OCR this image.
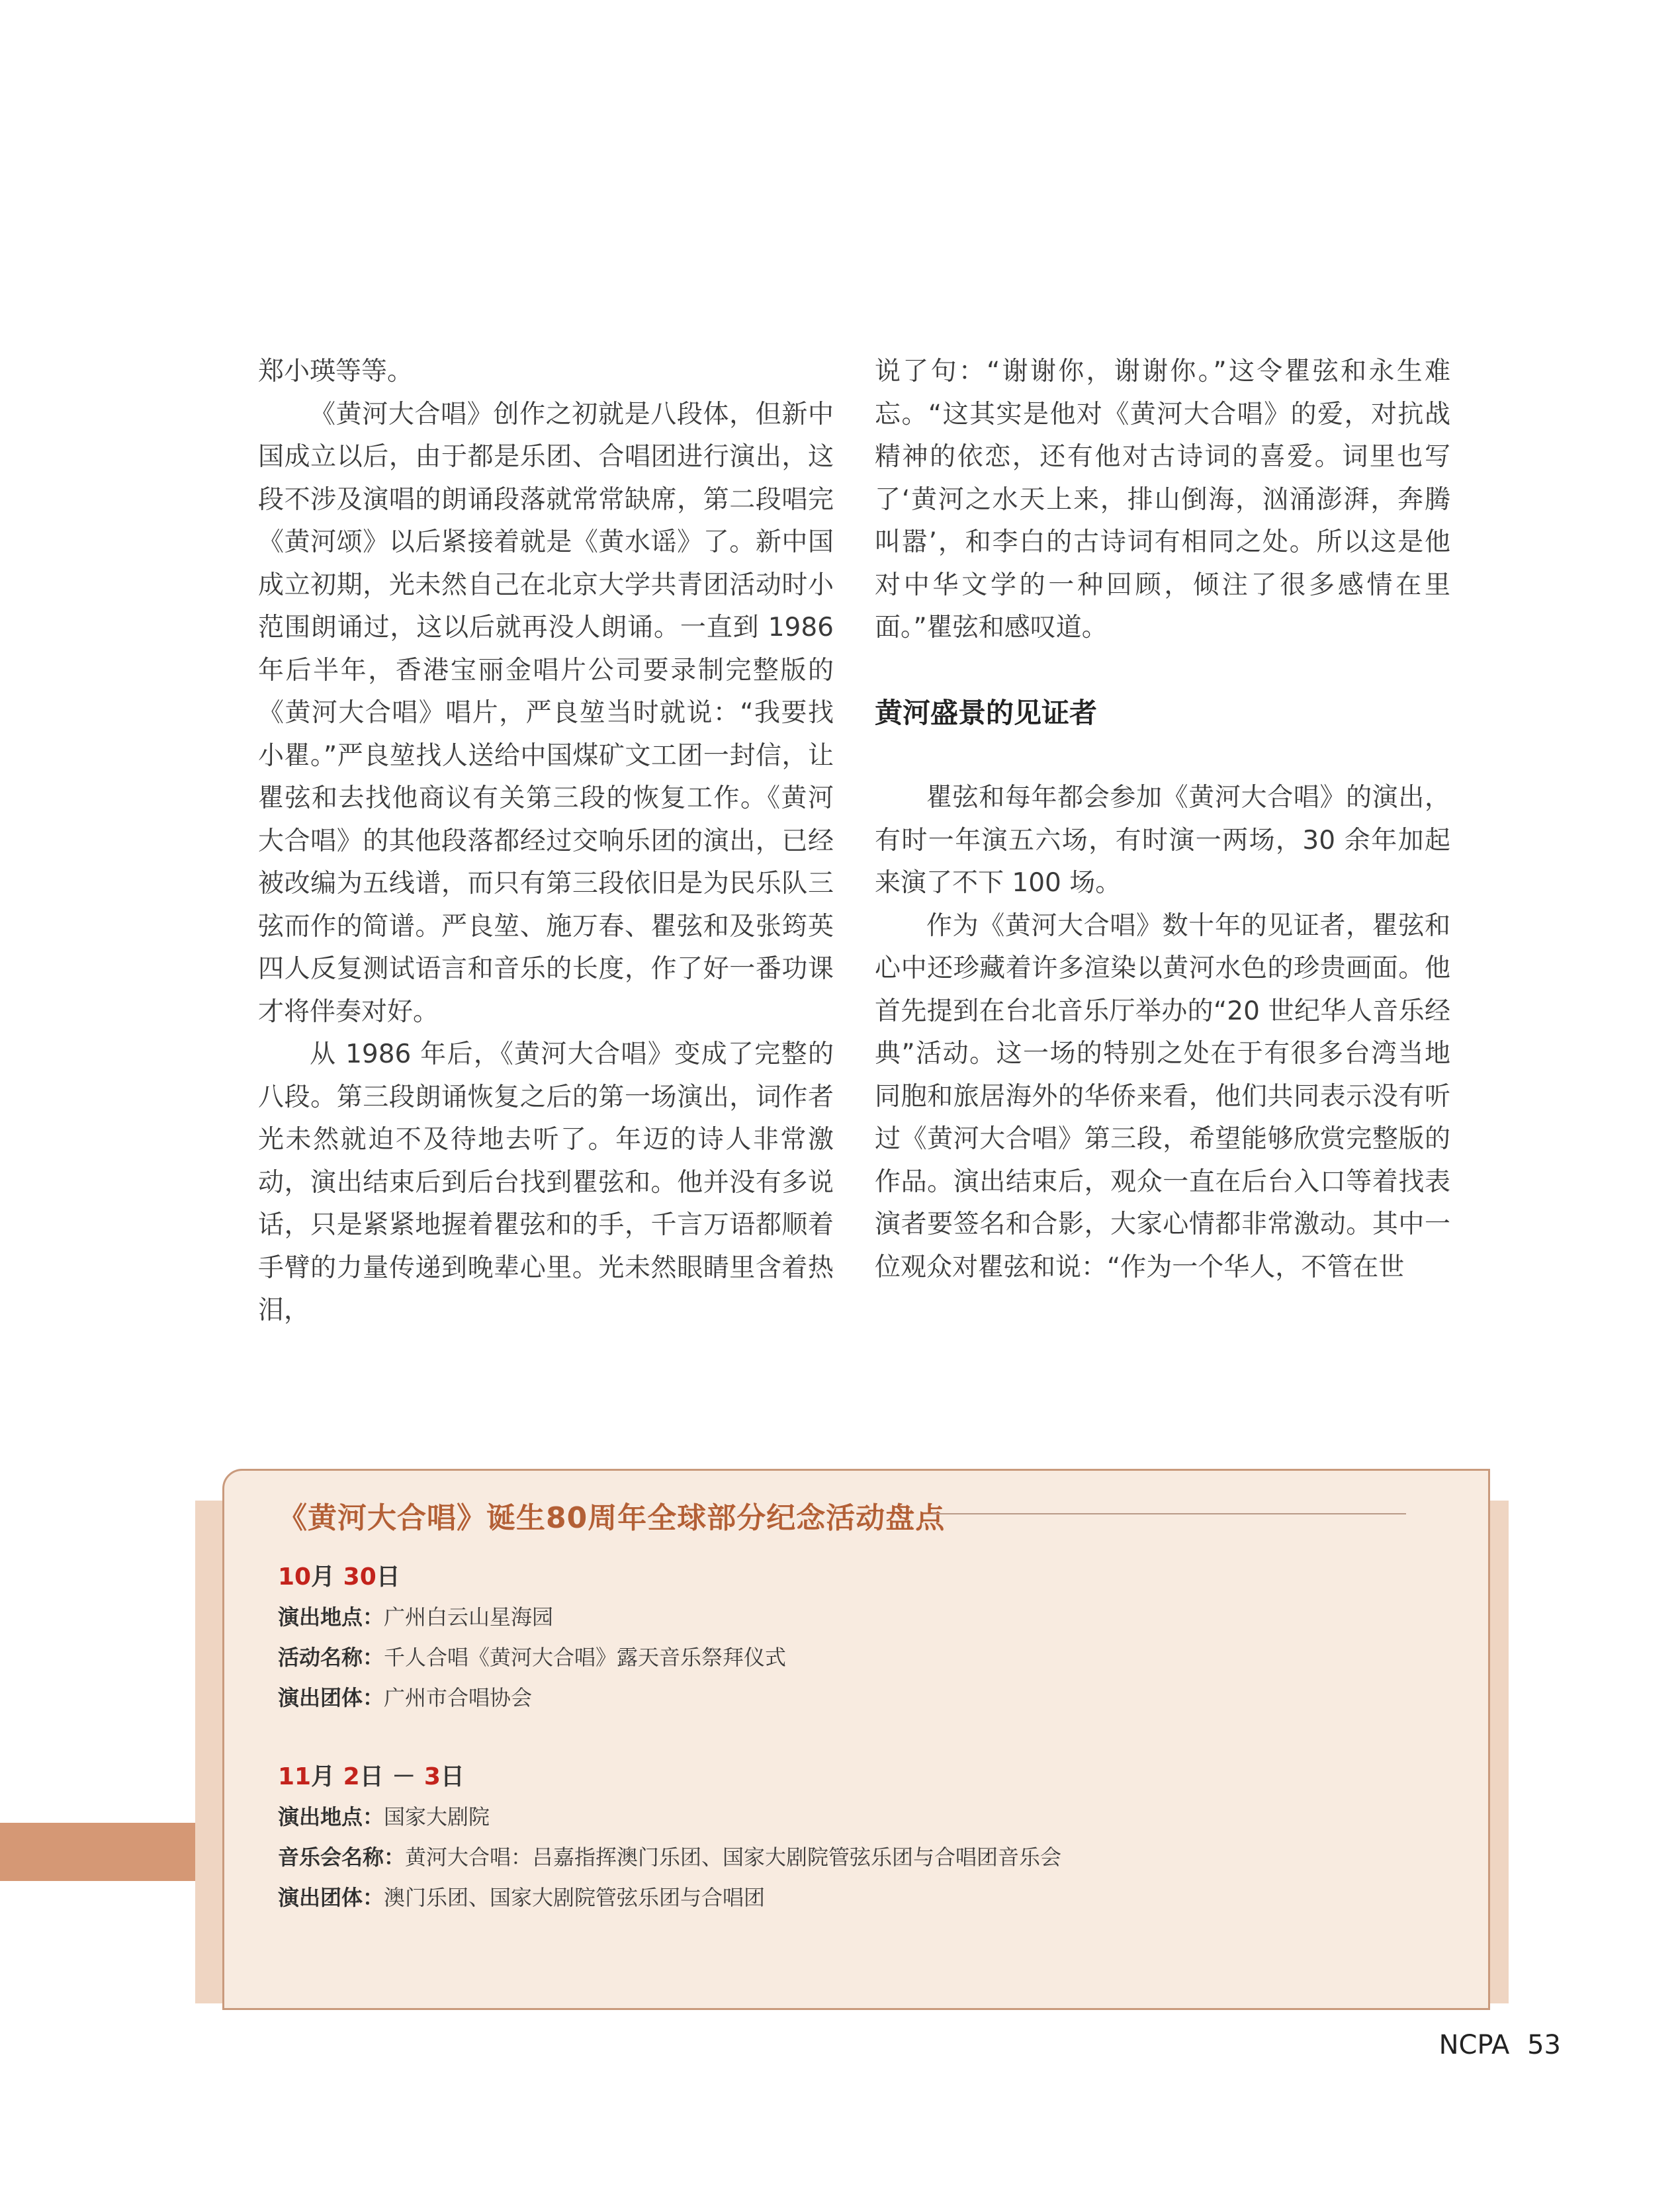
郑小瑛等等。

《黄河大合唱》创作之初就是八段体，但新中国成立以后，由于都是乐团、合唱团进行演出，这段不涉及演唱的朗诵段落就常常缺席，第二段唱完《黄河颂》以后紧接着就是《黄水谣》了。新中国成立初期，光未然自己在北京大学共青团活动时小范围朗诵过，这以后就再没人朗诵。一直到 1986 年后半年，香港宝丽金唱片公司要录制完整版的《黄河大合唱》唱片，严良堃当时就说：“我要找小瞿。”严良堃找人送给中国煤矿文工团一封信，让瞿弦和去找他商议有关第三段的恢复工作。《黄河大合唱》的其他段落都经过交响乐团的演出，已经被改编为五线谱，而只有第三段依旧是为民乐队三弦而作的简谱。严良堃、施万春、瞿弦和及张筠英四人反复测试语言和音乐的长度，作了好一番功课才将伴奏对好。

从 1986 年后，《黄河大合唱》变成了完整的八段。第三段朗诵恢复之后的第一场演出，词作者光未然就迫不及待地去听了。年迈的诗人非常激动，演出结束后到后台找到瞿弦和。他并没有多说话，只是紧紧地握着瞿弦和的手，千言万语都顺着手臂的力量传递到晚辈心里。光未然眼睛里含着热泪，

说了句：“谢谢你，谢谢你。”这令瞿弦和永生难忘。“这其实是他对《黄河大合唱》的爱，对抗战精神的依恋，还有他对古诗词的喜爱。词里也写了‘黄河之水天上来，排山倒海，汹涌澎湃，奔腾叫嚣’，和李白的古诗词有相同之处。所以这是他对中华文学的一种回顾，倾注了很多感情在里面。”瞿弦和感叹道。

黄河盛景的见证者

瞿弦和每年都会参加《黄河大合唱》的演出，有时一年演五六场，有时演一两场，30 余年加起来演了不下 100 场。

作为《黄河大合唱》数十年的见证者，瞿弦和心中还珍藏着许多渲染以黄河水色的珍贵画面。他首先提到在台北音乐厅举办的“20 世纪华人音乐经典”活动。这一场的特别之处在于有很多台湾当地同胞和旅居海外的华侨来看，他们共同表示没有听过《黄河大合唱》第三段，希望能够欣赏完整版的作品。演出结束后，观众一直在后台入口等着找表演者要签名和合影，大家心情都非常激动。其中一位观众对瞿弦和说：“作为一个华人，不管在世

《黄河大合唱》诞生80周年全球部分纪念活动盘点
10月 30日
演出地点：广州白云山星海园
活动名称：千人合唱《黄河大合唱》露天音乐祭拜仪式
演出团体：广州市合唱协会
11月 2日 － 3日
演出地点：国家大剧院
音乐会名称：黄河大合唱：吕嘉指挥澳门乐团、国家大剧院管弦乐团与合唱团音乐会
演出团体：澳门乐团、国家大剧院管弦乐团与合唱团
NCPA 53
